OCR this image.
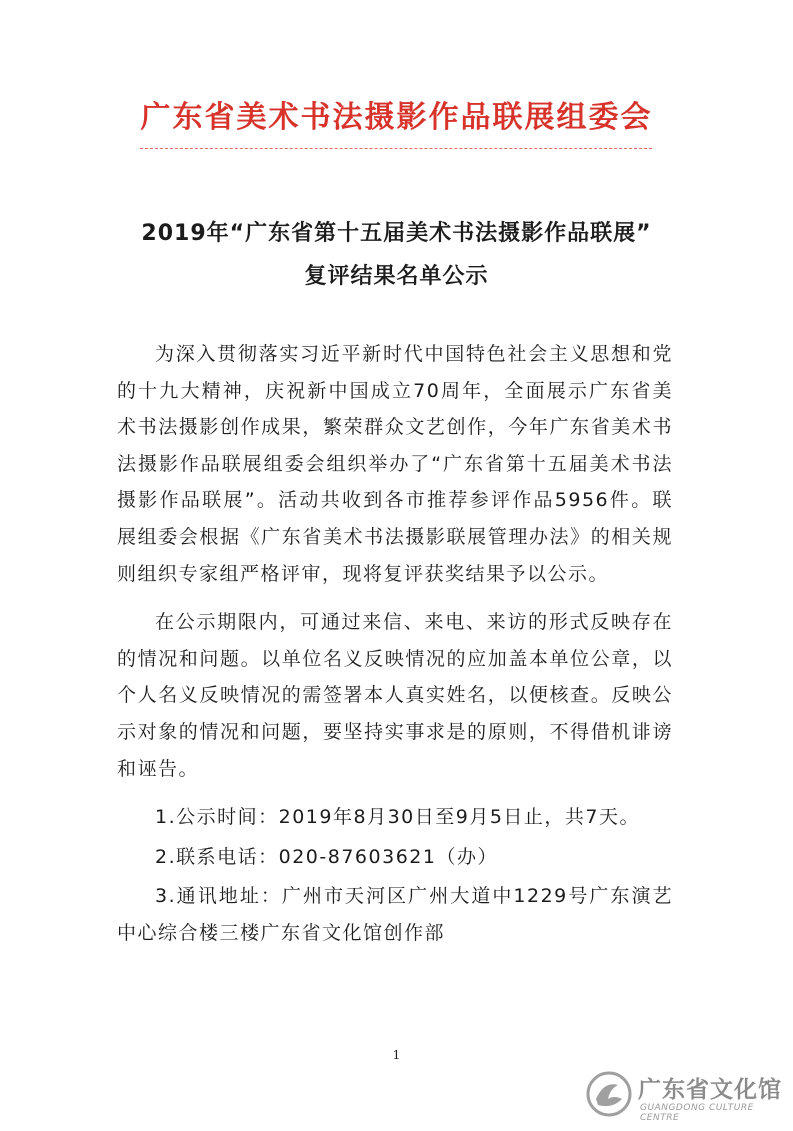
广东省美术书法摄影作品联展组委会
2019年“广东省第十五届美术书法摄影作品联展”
复评结果名单公示

为深入贯彻落实习近平新时代中国特色社会主义思想和党的十九大精神，庆祝新中国成立70周年，全面展示广东省美术书法摄影创作成果，繁荣群众文艺创作，今年广东省美术书法摄影作品联展组委会组织举办了“广东省第十五届美术书法摄影作品联展”。活动共收到各市推荐参评作品5956件。联展组委会根据《广东省美术书法摄影联展管理办法》的相关规则组织专家组严格评审，现将复评获奖结果予以公示。

在公示期限内，可通过来信、来电、来访的形式反映存在的情况和问题。以单位名义反映情况的应加盖本单位公章，以个人名义反映情况的需签署本人真实姓名，以便核查。反映公示对象的情况和问题，要坚持实事求是的原则，不得借机诽谤和诬告。

1.公示时间：2019年8月30日至9月5日止，共7天。

2.联系电话：020-87603621（办）

3.通讯地址：广州市天河区广州大道中1229号广东演艺中心综合楼三楼广东省文化馆创作部

1
广东省文化馆
GUANGDONG CULTURE CENTRE
